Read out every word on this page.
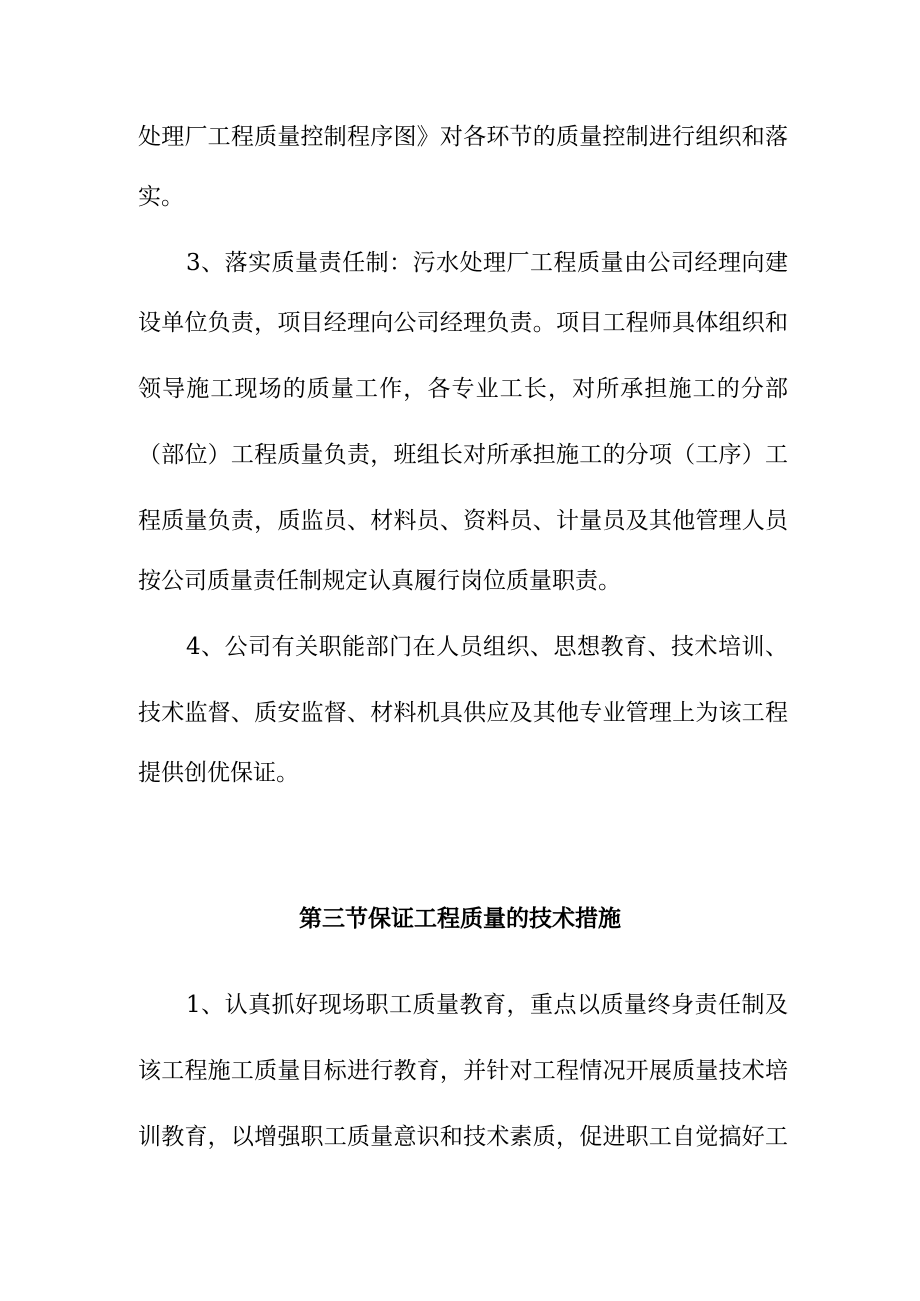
处理厂工程质量控制程序图》对各环节的质量控制进行组织和落
实。
3、落实质量责任制：污水处理厂工程质量由公司经理向建
设单位负责，项目经理向公司经理负责。项目工程师具体组织和
领导施工现场的质量工作，各专业工长，对所承担施工的分部
（部位）工程质量负责，班组长对所承担施工的分项（工序）工
程质量负责，质监员、材料员、资料员、计量员及其他管理人员
按公司质量责任制规定认真履行岗位质量职责。
4、公司有关职能部门在人员组织、思想教育、技术培训、
技术监督、质安监督、材料机具供应及其他专业管理上为该工程
提供创优保证。
第三节保证工程质量的技术措施
1、认真抓好现场职工质量教育，重点以质量终身责任制及
该工程施工质量目标进行教育，并针对工程情况开展质量技术培
训教育，以增强职工质量意识和技术素质，促进职工自觉搞好工
